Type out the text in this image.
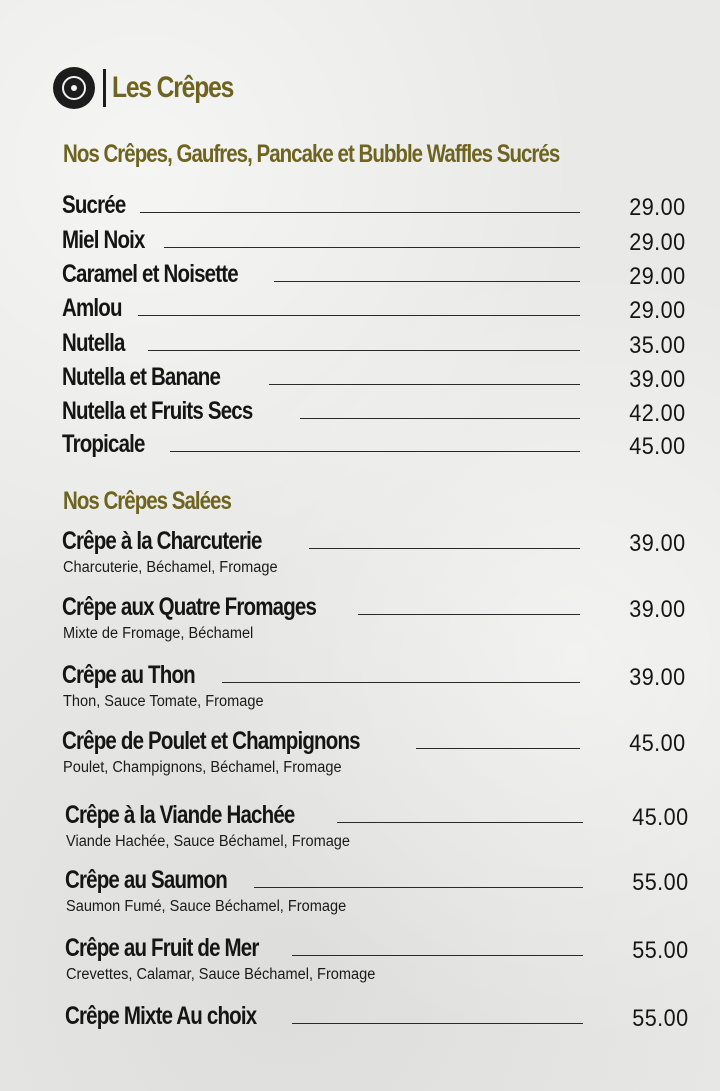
Les Crêpes
Nos Crêpes, Gaufres, Pancake et Bubble Waffles Sucrés
Sucrée	29.00
Miel Noix	29.00
Caramel et Noisette	29.00
Amlou	29.00
Nutella	35.00
Nutella et Banane	39.00
Nutella et Fruits Secs	42.00
Tropicale	45.00
Nos Crêpes Salées
Crêpe à la Charcuterie	39.00
Charcuterie, Béchamel, Fromage
Crêpe aux Quatre Fromages	39.00
Mixte de Fromage, Béchamel
Crêpe au Thon	39.00
Thon, Sauce Tomate, Fromage
Crêpe de Poulet et Champignons	45.00
Poulet, Champignons, Béchamel, Fromage
Crêpe à la Viande Hachée	45.00
Viande Hachée, Sauce Béchamel, Fromage
Crêpe au Saumon	55.00
Saumon Fumé, Sauce Béchamel, Fromage
Crêpe au Fruit de Mer	55.00
Crevettes, Calamar, Sauce Béchamel, Fromage
Crêpe Mixte Au choix	55.00
